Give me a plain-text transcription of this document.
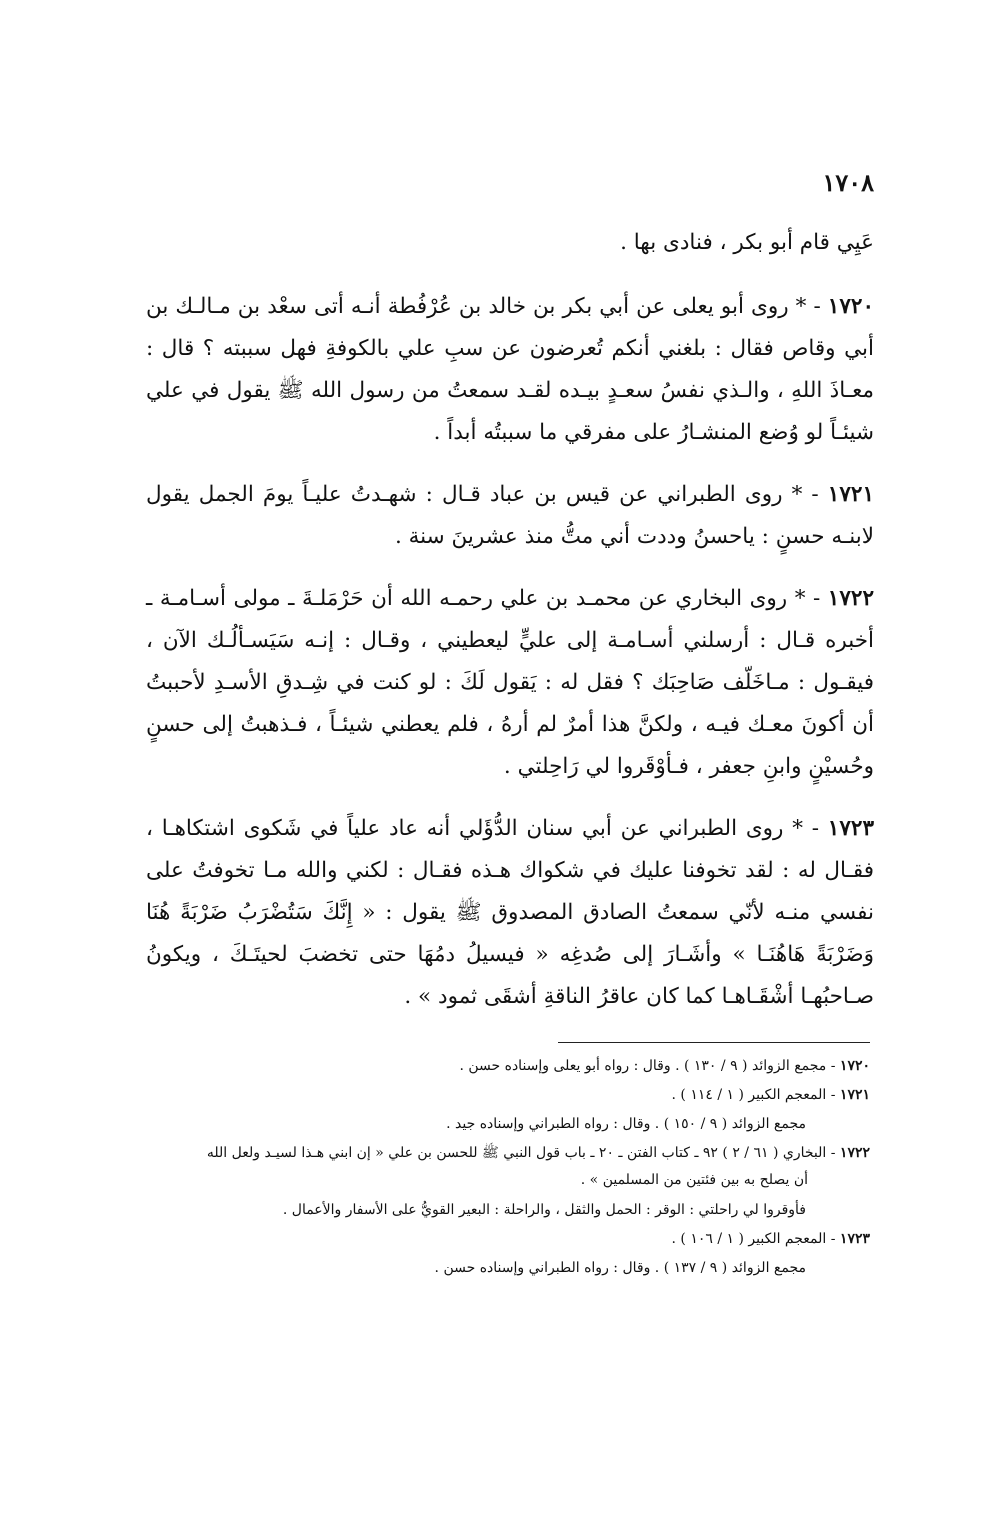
١٧٠٨

عَيِي قام أبو بكر ، فنادى بها .

١٧٢٠ - * روى أبو يعلى عن أبي بكر بن خالد بن عُرْفُطة أنـه أتى سعْد بن مـالـك بن أبي وقاص فقال : بلغني أنكم تُعرضون عن سبِ علي بالكوفةِ فهل سببته ؟ قال : معـاذَ اللهِ ، والـذي نفسُ سعـدٍ بيـده لقـد سمعتُ من رسول الله ﷺ يقول في علي شيئـاً لو وُضع المنشـارُ على مفرقي ما سببتُه أبداً .

١٧٢١ - * روى الطبراني عن قيس بن عباد قـال : شهـدتُ عليـاً يومَ الجمل يقول لابنـه حسنٍ : ياحسنُ وددت أني متُّ منذ عشرينَ سنة .

١٧٢٢ - * روى البخاري عن محمـد بن علي رحمـه الله أن حَرْمَلـةَ ـ مولى أسـامـة ـ أخبره قـال : أرسلني أسـامـة إلى عليٍّ ليعطيني ، وقـال : إنـه سَيَسـألُـك الآن ، فيقـول : مـاخَلّف صَاحِبَك ؟ فقل له : يَقول لَكَ : لو كنت في شِـدقِ الأسـدِ لأحببتُ أن أكونَ معـك فيـه ، ولكنَّ هذا أمرٌ لم أرهُ ، فلم يعطني شيئـاً ، فـذهبتُ إلى حسنٍ وحُسيْنٍ وابنِ جعفر ، فـأوْقَروا لي رَاحِلتي .

١٧٢٣ - * روى الطبراني عن أبي سنان الدُّؤَلي أنه عاد علياً في شَكوى اشتكاهـا ، فقـال له : لقد تخوفنا عليك في شكواك هـذه فقـال : لكني والله مـا تخوفتُ على نفسي منـه لأنّي سمعتُ الصادق المصدوق ﷺ يقول : « إِنَّكَ سَتُضْرَبُ ضَرْبَةً هُنَا وَضَرْبَةً هَاهُنَـا » وأشَـارَ إلى صُدغِه « فيسيلُ دمُهَا حتى تخضبَ لحيتَـكَ ، ويكونُ صـاحبُهـا أشْقَـاهـا كما كان عاقرُ الناقةِ أشقَى ثمود » .

١٧٢٠ - مجمع الزوائد ( ٩ / ١٣٠ ) . وقال : رواه أبو يعلى وإسناده حسن .

١٧٢١ - المعجم الكبير ( ١ / ١١٤ ) .

مجمع الزوائد ( ٩ / ١٥٠ ) . وقال : رواه الطبراني وإسناده جيد .

١٧٢٢ - البخاري ( ٦١ / ٢ ) ٩٢ ـ كتاب الفتن ـ ٢٠ ـ باب قول النبي ﷺ للحسن بن علي « إن ابني هـذا لسيـد ولعل الله

أن يصلح به بين فئتين من المسلمين » .

فأوقروا لي راحلتي : الوقر : الحمل والثقل ، والراحلة : البعير القويُّ على الأسفار والأعمال .

١٧٢٣ - المعجم الكبير ( ١ / ١٠٦ ) .

مجمع الزوائد ( ٩ / ١٣٧ ) . وقال : رواه الطبراني وإسناده حسن .
